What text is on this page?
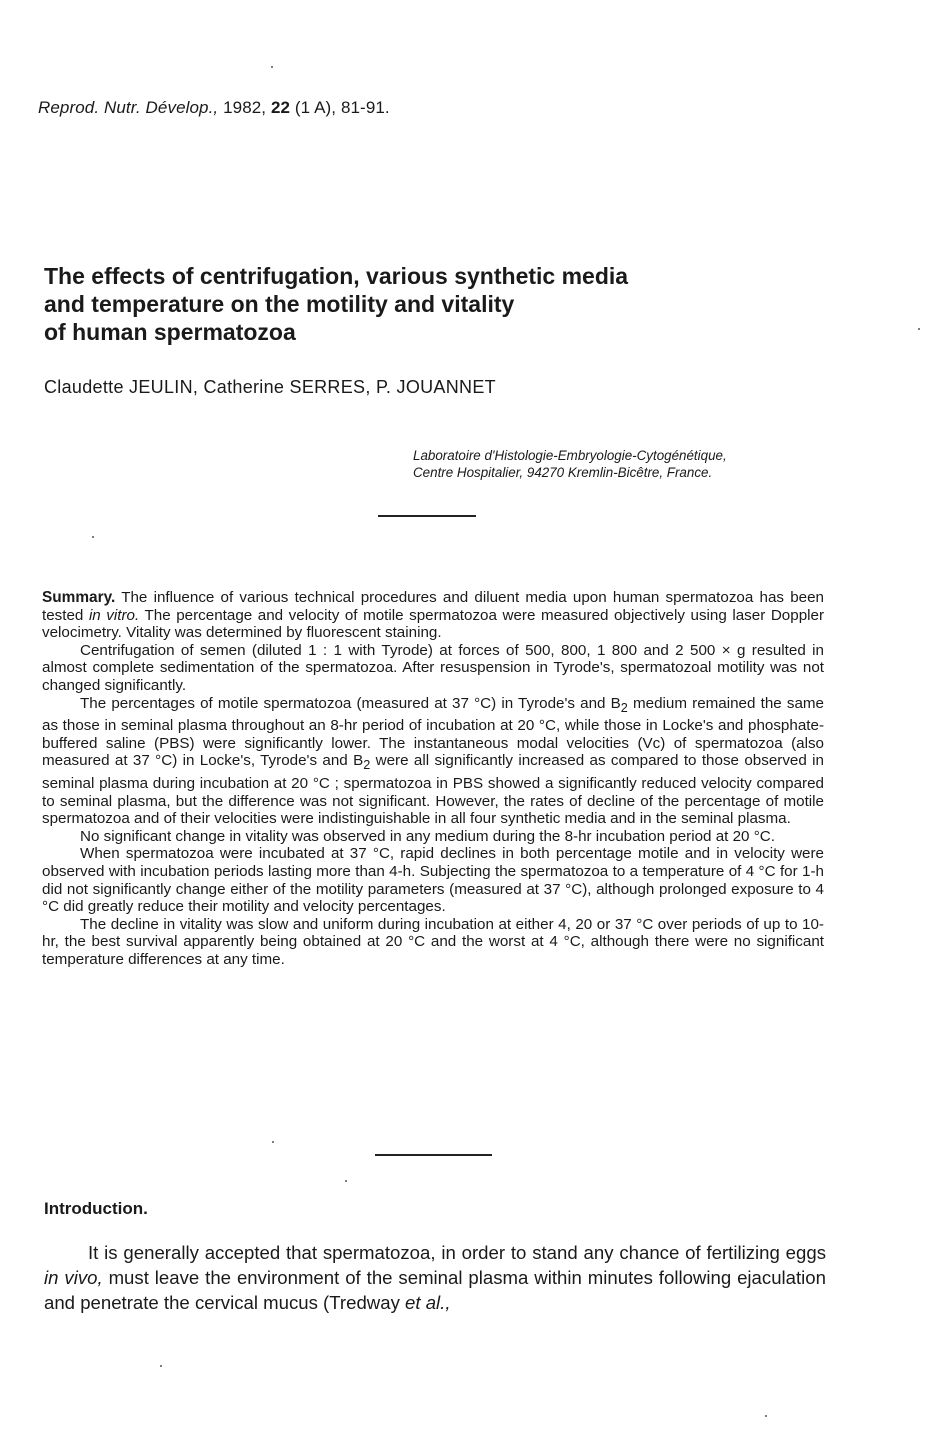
Reprod. Nutr. Dévelop., 1982, 22 (1 A), 81-91.
The effects of centrifugation, various synthetic media
and temperature on the motility and vitality
of human spermatozoa
Claudette JEULIN, Catherine SERRES, P. JOUANNET
Laboratoire d'Histologie-Embryologie-Cytogénétique,
Centre Hospitalier, 94270 Kremlin-Bicêtre, France.

Summary. The influence of various technical procedures and diluent media upon human spermatozoa has been tested in vitro. The percentage and velocity of motile spermatozoa were measured objectively using laser Doppler velocimetry. Vitality was determined by fluorescent staining.

Centrifugation of semen (diluted 1 : 1 with Tyrode) at forces of 500, 800, 1 800 and 2 500 × g resulted in almost complete sedimentation of the spermatozoa. After resuspension in Tyrode's, spermatozoal motility was not changed significantly.

The percentages of motile spermatozoa (measured at 37 °C) in Tyrode's and $B_2$ medium remained the same as those in seminal plasma throughout an 8-hr period of incubation at 20 °C, while those in Locke's and phosphate-buffered saline (PBS) were significantly lower. The instantaneous modal velocities (Vc) of spermatozoa (also measured at 37 °C) in Locke's, Tyrode's and $B_2$ were all significantly increased as compared to those observed in seminal plasma during incubation at 20 °C ; spermatozoa in PBS showed a significantly reduced velocity compared to seminal plasma, but the difference was not significant. However, the rates of decline of the percentage of motile spermatozoa and of their velocities were indistinguishable in all four synthetic media and in the seminal plasma.

No significant change in vitality was observed in any medium during the 8-hr incubation period at 20 °C.

When spermatozoa were incubated at 37 °C, rapid declines in both percentage motile and in velocity were observed with incubation periods lasting more than 4-h. Subjecting the spermatozoa to a temperature of 4 °C for 1-h did not significantly change either of the motility parameters (measured at 37 °C), although prolonged exposure to 4 °C did greatly reduce their motility and velocity percentages.

The decline in vitality was slow and uniform during incubation at either 4, 20 or 37 °C over periods of up to 10-hr, the best survival apparently being obtained at 20 °C and the worst at 4 °C, although there were no significant temperature differences at any time.

Introduction.

It is generally accepted that spermatozoa, in order to stand any chance of fertilizing eggs in vivo, must leave the environment of the seminal plasma within minutes following ejaculation and penetrate the cervical mucus (Tredway et al.,
